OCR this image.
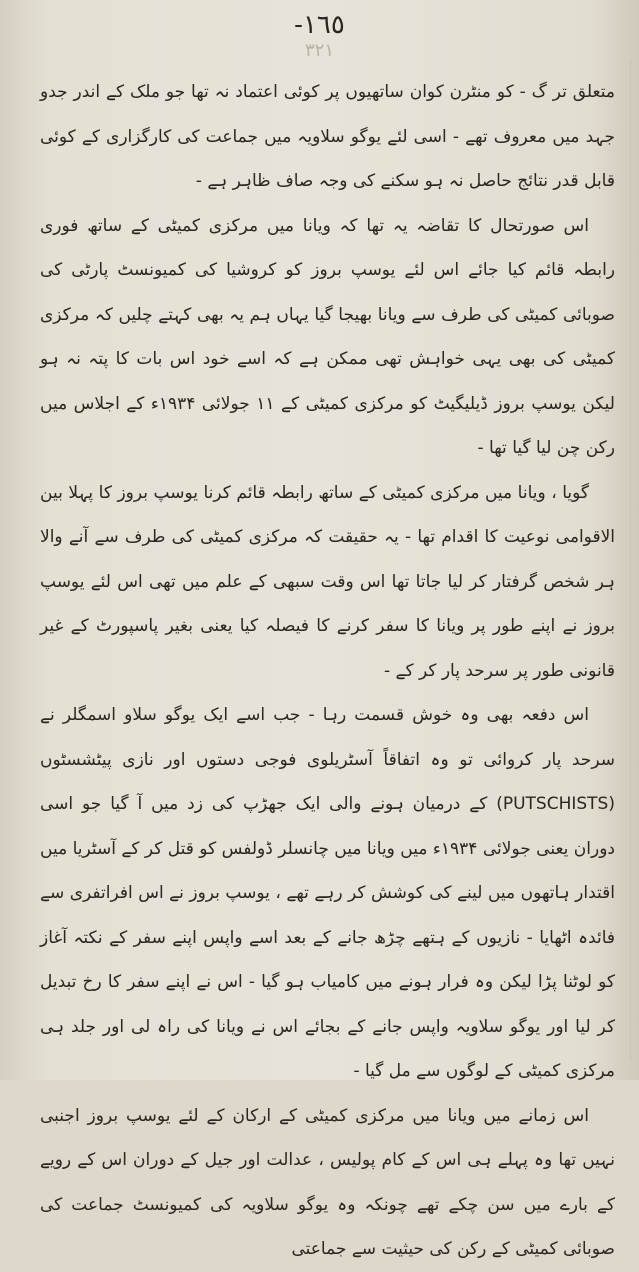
-١٦٥
٣٢١

متعلق تر گ - کو منٹرن کوان ساتھیوں پر کوئی اعتماد نہ تھا جو ملک کے اندر جدو جہد میں معروف تھے - اسی لئے یوگو سلاویہ میں جماعت کی کارگزاری کے کوئی قابل قدر نتائج حاصل نہ ہو سکنے کی وجہ صاف ظاہر ہے -

اس صورتحال کا تقاضہ یہ تھا کہ ویانا میں مرکزی کمیٹی کے ساتھ فوری رابطہ قائم کیا جائے اس لئے یوسپ بروز کو کروشیا کی کمیونسٹ پارٹی کی صوبائی کمیٹی کی طرف سے ویانا بھیجا گیا یہاں ہم یہ بھی کہتے چلیں کہ مرکزی کمیٹی کی بھی یہی خواہش تھی ممکن ہے کہ اسے خود اس بات کا پتہ نہ ہو لیکن یوسپ بروز ڈیلیگیٹ کو مرکزی کمیٹی کے ۱۱ جولائی ۱۹۳۴ء کے اجلاس میں رکن چن لیا گیا تھا -

گویا ، ویانا میں مرکزی کمیٹی کے ساتھ رابطہ قائم کرنا یوسپ بروز کا پہلا بین الاقوامی نوعیت کا اقدام تھا - یہ حقیقت کہ مرکزی کمیٹی کی طرف سے آنے والا ہر شخص گرفتار کر لیا جاتا تھا اس وقت سبھی کے علم میں تھی اس لئے یوسپ بروز نے اپنے طور پر ویانا کا سفر کرنے کا فیصلہ کیا یعنی بغیر پاسپورٹ کے غیر قانونی طور پر سرحد پار کر کے -

اس دفعہ بھی وہ خوش قسمت رہا - جب اسے ایک یوگو سلاو اسمگلر نے سرحد پار کروائی تو وہ اتفاقاً آسٹریلوی فوجی دستوں اور نازی پیٹشسٹوں (PUTSCHISTS) کے درمیان ہونے والی ایک جھڑپ کی زد میں آ گیا جو اسی دوران یعنی جولائی ۱۹۳۴ء میں ویانا میں چانسلر ڈولفس کو قتل کر کے آسٹریا میں اقتدار ہاتھوں میں لینے کی کوشش کر رہے تھے ، یوسپ بروز نے اس افراتفری سے فائدہ اٹھایا - نازیوں کے ہتھے چڑھ جانے کے بعد اسے واپس اپنے سفر کے نکتہ آغاز کو لوٹنا پڑا لیکن وہ فرار ہونے میں کامیاب ہو گیا - اس نے اپنے سفر کا رخ تبدیل کر لیا اور یوگو سلاویہ واپس جانے کے بجائے اس نے ویانا کی راہ لی اور جلد ہی مرکزی کمیٹی کے لوگوں سے مل گیا -

اس زمانے میں ویانا میں مرکزی کمیٹی کے ارکان کے لئے یوسپ بروز اجنبی نہیں تھا وہ پہلے ہی اس کے کام پولیس ، عدالت اور جیل کے دوران اس کے رویے کے بارے میں سن چکے تھے چونکہ وہ یوگو سلاویہ کی کمیونسٹ جماعت کی صوبائی کمیٹی کے رکن کی حیثیت سے جماعتی
